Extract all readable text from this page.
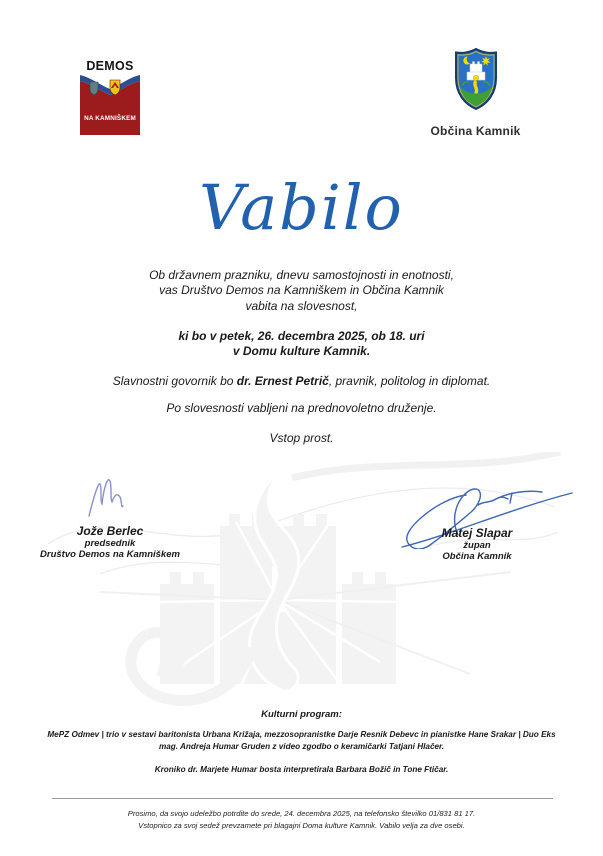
DEMOS
NA KAMNIŠKEM
Občina Kamnik
Vabilo
Ob državnem prazniku, dnevu samostojnosti in enotnosti,
vas Društvo Demos na Kamniškem in Občina Kamnik
vabita na slovesnost,
ki bo v petek, 26. decembra 2025, ob 18. uri
v Domu kulture Kamnik.
Slavnostni govornik bo dr. Ernest Petrič, pravnik, politolog in diplomat.
Po slovesnosti vabljeni na prednovoletno druženje.
Vstop prost.
Jože Berlec
predsednik
Društvo Demos na Kamniškem
Matej Slapar
župan
Občina Kamnik
Kulturni program:
MePZ Odmev | trio v sestavi baritonista Urbana Križaja, mezzosopranistke Darje Resnik Debevc in pianistke Hane Srakar | Duo Eks
mag. Andreja Humar Gruden z video zgodbo o keramičarki Tatjani Hlačer.
Kroniko dr. Marjete Humar bosta interpretirala Barbara Božič in Tone Ftičar.
Prosimo, da svojo udeležbo potrdite do srede, 24. decembra 2025, na telefonsko številko 01/831 81 17.
Vstopnico za svoj sedež prevzamete pri blagajni Doma kulture Kamnik. Vabilo velja za dve osebi.
